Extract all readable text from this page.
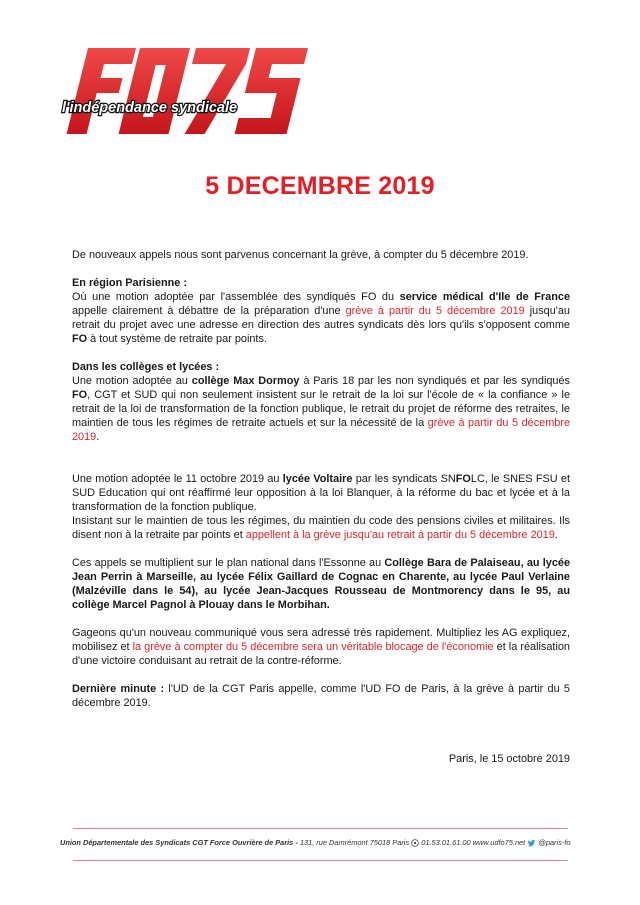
l'indépendance syndicale
5 DECEMBRE 2019

De nouveaux appels nous sont parvenus concernant la grève, à compter du 5 décembre 2019.

En région Parisienne :

Où une motion adoptée par l'assemblée des syndiqués FO du service médical d'Ile de France appelle clairement à débattre de la préparation d'une grève à partir du 5 décembre 2019 jusqu'au retrait du projet avec une adresse en direction des autres syndicats dès lors qu'ils s'opposent comme FO à tout système de retraite par points.

Dans les collèges et lycées :

Une motion adoptée au collège Max Dormoy à Paris 18 par les non syndiqués et par les syndiqués FO, CGT et SUD qui non seulement insistent sur le retrait de la loi sur l'école de « la confiance » le retrait de la loi de transformation de la fonction publique, le retrait du projet de réforme des retraites, le maintien de tous les régimes de retraite actuels et sur la nécessité de la grève à partir du 5 décembre 2019.

Une motion adoptée le 11 octobre 2019 au lycée Voltaire par les syndicats SNFOLC, le SNES FSU et SUD Education qui ont réaffirmé leur opposition à la loi Blanquer, à la réforme du bac et lycée et à la transformation de la fonction publique.

Insistant sur le maintien de tous les régimes, du maintien du code des pensions civiles et militaires. Ils disent non à la retraite par points et appellent à la grève jusqu'au retrait à partir du 5 décembre 2019.

Ces appels se multiplient sur le plan national dans l'Essonne au Collège Bara de Palaiseau, au lycée Jean Perrin à Marseille, au lycée Félix Gaillard de Cognac en Charente, au lycée Paul Verlaine (Malzéville dans le 54), au lycée Jean-Jacques Rousseau de Montmorency dans le 95, au collège Marcel Pagnol à Plouay dans le Morbihan.

Gageons qu'un nouveau communiqué vous sera adressé très rapidement. Multipliez les AG expliquez, mobilisez et la grève à compter du 5 décembre sera un véritable blocage de l'économie et la réalisation d'une victoire conduisant au retrait de la contre-réforme.

Dernière minute : l'UD de la CGT Paris appelle, comme l'UD FO de Paris, à la grève à partir du 5 décembre 2019.

Paris, le 15 octobre 2019

Union Départementale des Syndicats CGT Force Ouvrière de Paris - 131, rue Damrémont 75018 Paris  01.53.01.61.00 www.udfo75.net  @paris-fo
